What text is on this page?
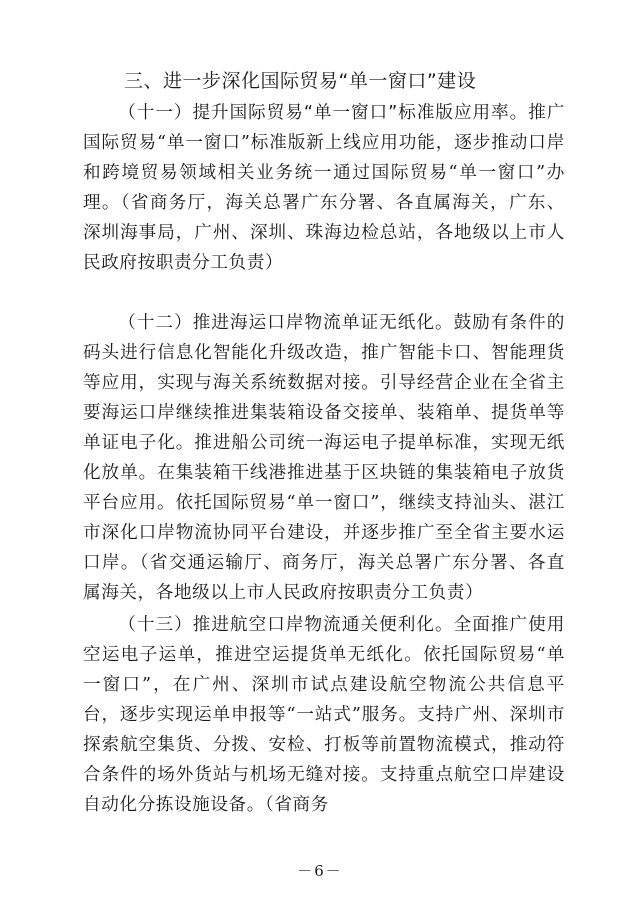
三、进一步深化国际贸易“单一窗口”建设

（十一）提升国际贸易“单一窗口”标准版应用率。推广国际贸易“单一窗口”标准版新上线应用功能，逐步推动口岸和跨境贸易领域相关业务统一通过国际贸易“单一窗口”办理。（省商务厅，海关总署广东分署、各直属海关，广东、深圳海事局，广州、深圳、珠海边检总站，各地级以上市人民政府按职责分工负责）

（十二）推进海运口岸物流单证无纸化。鼓励有条件的码头进行信息化智能化升级改造，推广智能卡口、智能理货等应用，实现与海关系统数据对接。引导经营企业在全省主要海运口岸继续推进集装箱设备交接单、装箱单、提货单等单证电子化。推进船公司统一海运电子提单标准，实现无纸化放单。在集装箱干线港推进基于区块链的集装箱电子放货平台应用。依托国际贸易“单一窗口”，继续支持汕头、湛江市深化口岸物流协同平台建设，并逐步推广至全省主要水运口岸。（省交通运输厅、商务厅，海关总署广东分署、各直属海关，各地级以上市人民政府按职责分工负责）

（十三）推进航空口岸物流通关便利化。全面推广使用空运电子运单，推进空运提货单无纸化。依托国际贸易“单一窗口”，在广州、深圳市试点建设航空物流公共信息平台，逐步实现运单申报等“一站式”服务。支持广州、深圳市探索航空集货、分拨、安检、打板等前置物流模式，推动符合条件的场外货站与机场无缝对接。支持重点航空口岸建设自动化分拣设施设备。（省商务

－6－
